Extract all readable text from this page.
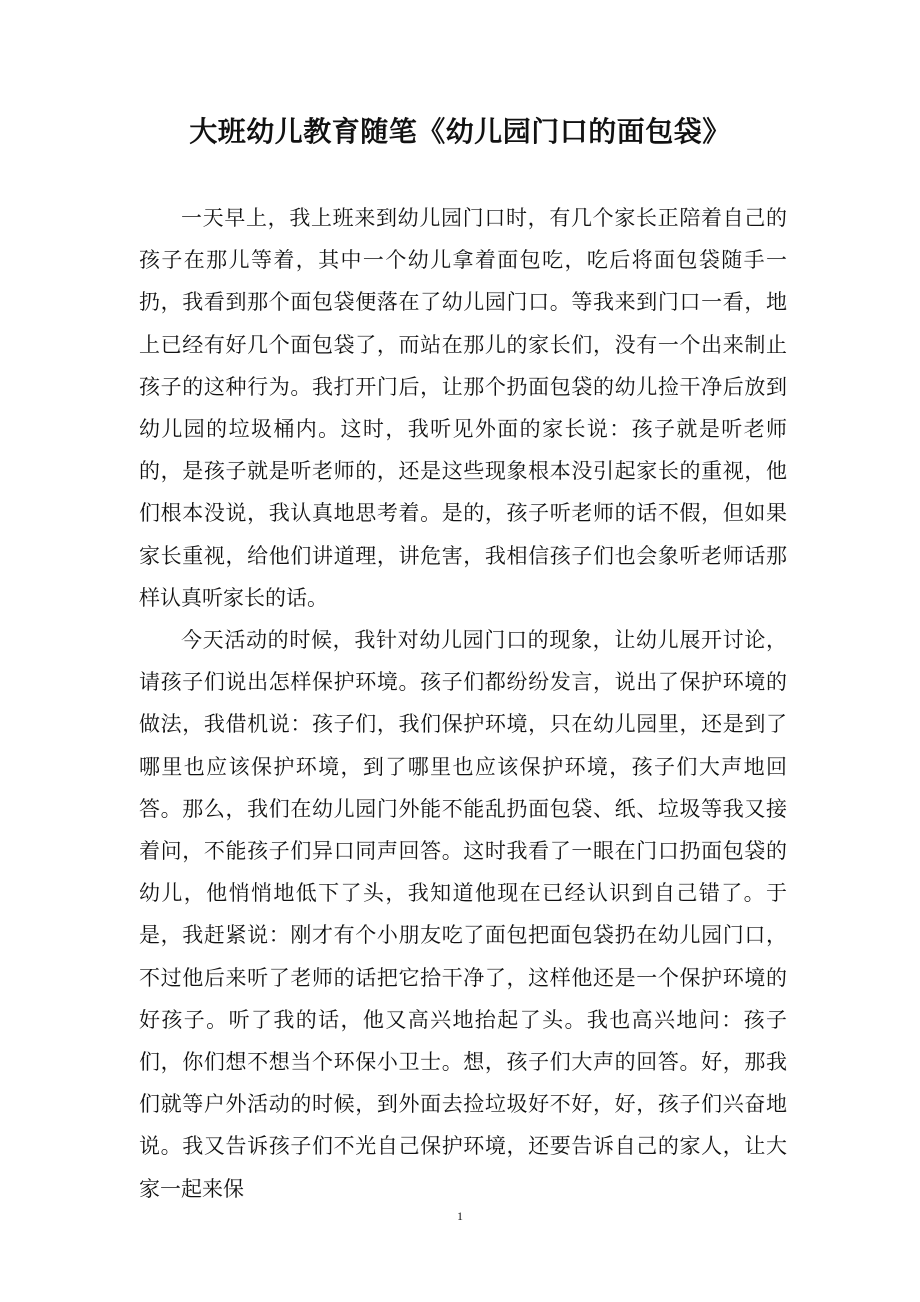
大班幼儿教育随笔《幼儿园门口的面包袋》

一天早上，我上班来到幼儿园门口时，有几个家长正陪着自己的孩子在那儿等着，其中一个幼儿拿着面包吃，吃后将面包袋随手一扔，我看到那个面包袋便落在了幼儿园门口。等我来到门口一看，地上已经有好几个面包袋了，而站在那儿的家长们，没有一个出来制止孩子的这种行为。我打开门后，让那个扔面包袋的幼儿捡干净后放到幼儿园的垃圾桶内。这时，我听见外面的家长说：孩子就是听老师的，是孩子就是听老师的，还是这些现象根本没引起家长的重视，他们根本没说，我认真地思考着。是的，孩子听老师的话不假，但如果家长重视，给他们讲道理，讲危害，我相信孩子们也会象听老师话那样认真听家长的话。

今天活动的时候，我针对幼儿园门口的现象，让幼儿展开讨论，请孩子们说出怎样保护环境。孩子们都纷纷发言，说出了保护环境的做法，我借机说：孩子们，我们保护环境，只在幼儿园里，还是到了哪里也应该保护环境，到了哪里也应该保护环境，孩子们大声地回答。那么，我们在幼儿园门外能不能乱扔面包袋、纸、垃圾等我又接着问，不能孩子们异口同声回答。这时我看了一眼在门口扔面包袋的幼儿，他悄悄地低下了头，我知道他现在已经认识到自己错了。于是，我赶紧说：刚才有个小朋友吃了面包把面包袋扔在幼儿园门口，不过他后来听了老师的话把它拾干净了，这样他还是一个保护环境的好孩子。听了我的话，他又高兴地抬起了头。我也高兴地问：孩子们，你们想不想当个环保小卫士。想，孩子们大声的回答。好，那我们就等户外活动的时候，到外面去捡垃圾好不好，好，孩子们兴奋地说。我又告诉孩子们不光自己保护环境，还要告诉自己的家人，让大家一起来保

1
